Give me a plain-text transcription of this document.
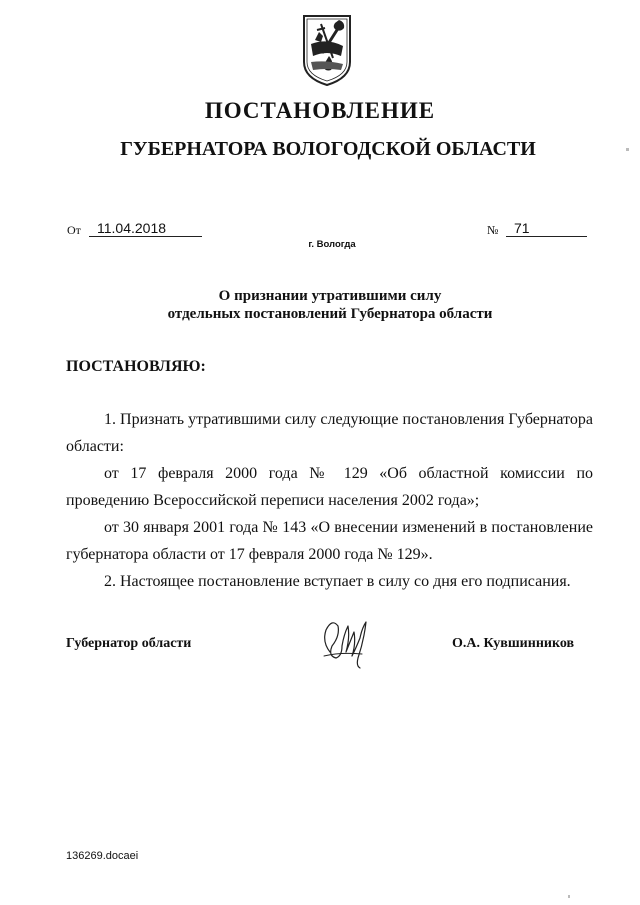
ПОСТАНОВЛЕНИЕ
ГУБЕРНАТОРА ВОЛОГОДСКОЙ ОБЛАСТИ
От	11.04.2018	№	71
г. Вологда
О признании утратившими силу
отдельных постановлений Губернатора области
ПОСТАНОВЛЯЮ:

1. Признать утратившими силу следующие постановления Губернатора области:

от 17 февраля 2000 года № 129 «Об областной комиссии по проведению Всероссийской переписи населения 2002 года»;

от 30 января 2001 года № 143 «О внесении изменений в постановление губернатора области от 17 февраля 2000 года № 129».

2. Настоящее постановление вступает в силу со дня его подписания.

Губернатор области	О.А. Кувшинников
136269.docaei
